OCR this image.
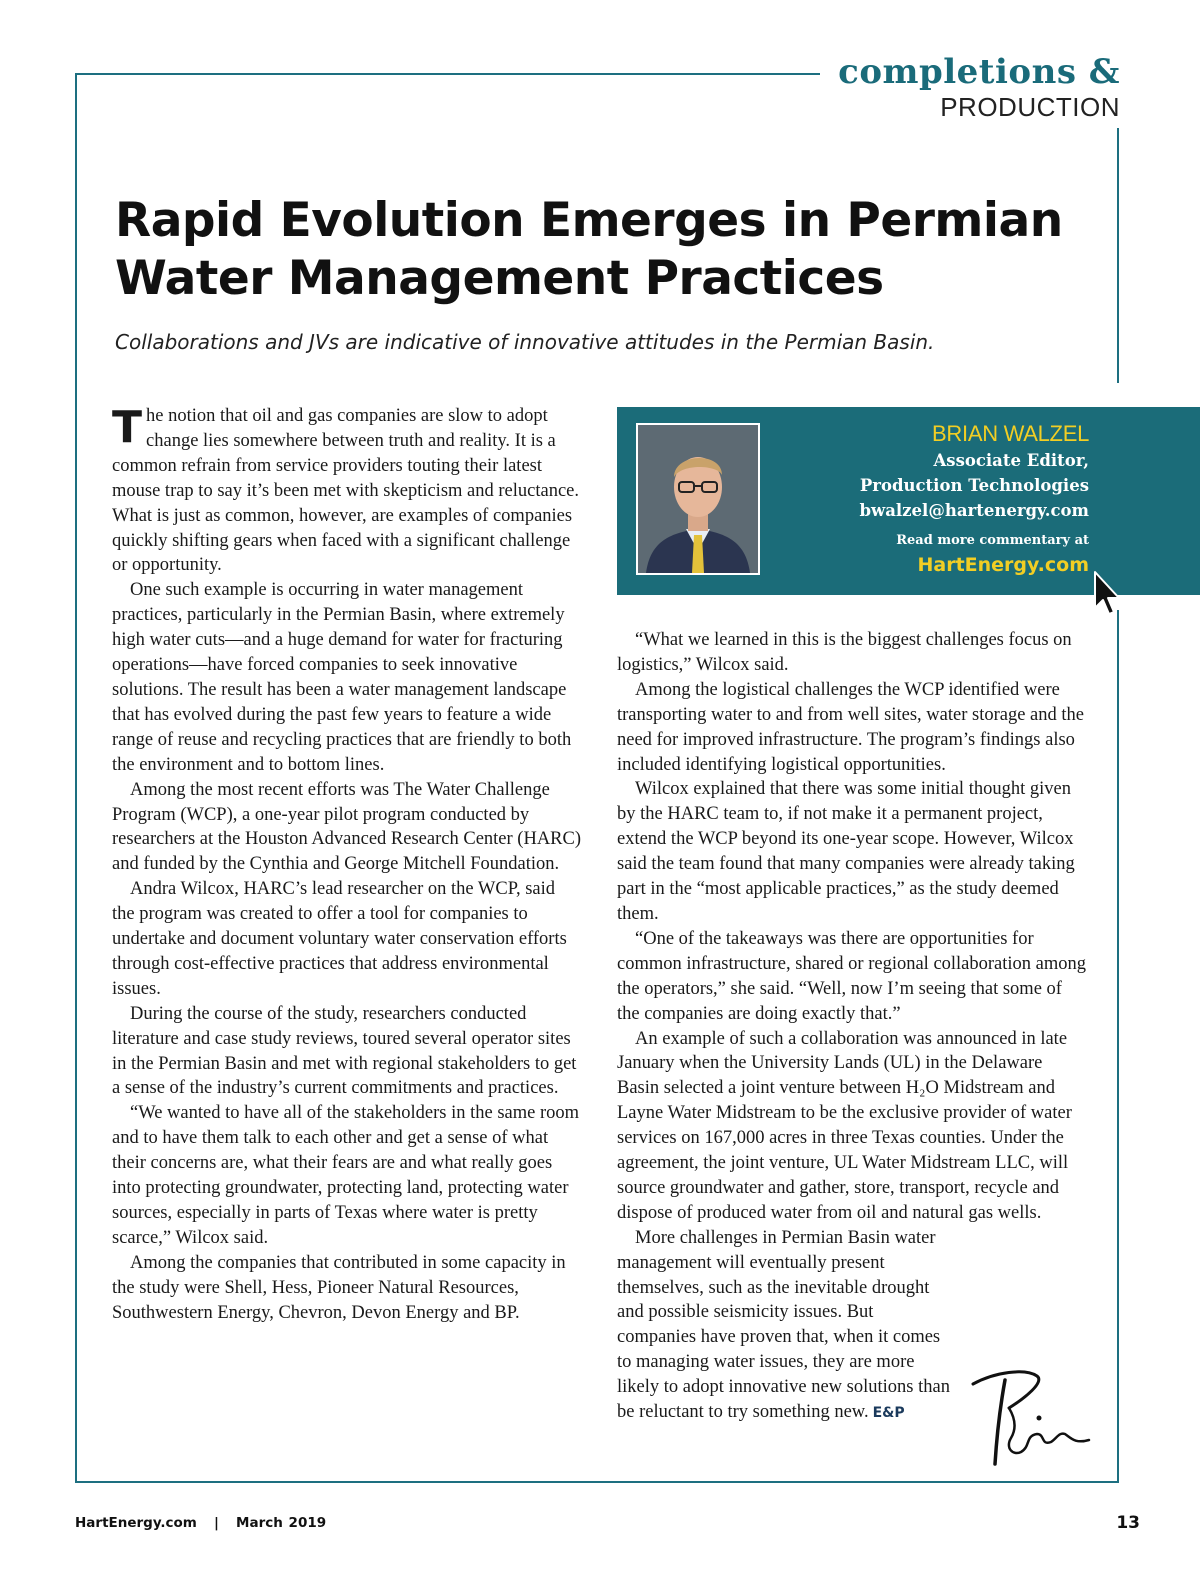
completions &
PRODUCTION
Rapid Evolution Emerges in Permian Water Management Practices

Collaborations and JVs are indicative of innovative attitudes in the Permian Basin.

The notion that oil and gas companies are slow to adopt change lies somewhere between truth and reality. It is a common refrain from service providers touting their latest mouse trap to say it’s been met with skepticism and reluctance. What is just as common, however, are examples of companies quickly shifting gears when faced with a significant challenge or opportunity.

One such example is occurring in water management practices, particularly in the Permian Basin, where extremely high water cuts—and a huge demand for water for fracturing operations—have forced companies to seek innovative solutions. The result has been a water management landscape that has evolved during the past few years to feature a wide range of reuse and recycling practices that are friendly to both the environment and to bottom lines.

Among the most recent efforts was The Water Challenge Program (WCP), a one-year pilot program conducted by researchers at the Houston Advanced Research Center (HARC) and funded by the Cynthia and George Mitchell Foundation.

Andra Wilcox, HARC’s lead researcher on the WCP, said the program was created to offer a tool for companies to undertake and document voluntary water conservation efforts through cost-effective practices that address environmental issues.

During the course of the study, researchers conducted literature and case study reviews, toured several operator sites in the Permian Basin and met with regional stakeholders to get a sense of the industry’s current commitments and practices.

“We wanted to have all of the stakeholders in the same room and to have them talk to each other and get a sense of what their concerns are, what their fears are and what really goes into protecting groundwater, protecting land, protecting water sources, especially in parts of Texas where water is pretty scarce,” Wilcox said.

Among the companies that contributed in some capacity in the study were Shell, Hess, Pioneer Natural Resources, Southwestern Energy, Chevron, Devon Energy and BP.

BRIAN WALZEL
Associate Editor,
Production Technologies
bwalzel@hartenergy.com
Read more commentary at
HartEnergy.com

“What we learned in this is the biggest challenges focus on logistics,” Wilcox said.

Among the logistical challenges the WCP identified were transporting water to and from well sites, water storage and the need for improved infrastructure. The program’s findings also included identifying logistical opportunities.

Wilcox explained that there was some initial thought given by the HARC team to, if not make it a permanent project, extend the WCP beyond its one-year scope. However, Wilcox said the team found that many companies were already taking part in the “most applicable practices,” as the study deemed them.

“One of the takeaways was there are opportunities for common infrastructure, shared or regional collaboration among the operators,” she said. “Well, now I’m seeing that some of the companies are doing exactly that.”

An example of such a collaboration was announced in late January when the University Lands (UL) in the Delaware Basin selected a joint venture between H₂O Midstream and Layne Water Midstream to be the exclusive provider of water services on 167,000 acres in three Texas counties. Under the agreement, the joint venture, UL Water Midstream LLC, will source groundwater and gather, store, transport, recycle and dispose of produced water from oil and natural gas wells.

More challenges in Permian Basin water management will eventually present themselves, such as the inevitable drought and possible seismicity issues. But companies have proven that, when it comes to managing water issues, they are more likely to adopt innovative new solutions than be reluctant to try something new. E&P

HartEnergy.com | March 2019	13
